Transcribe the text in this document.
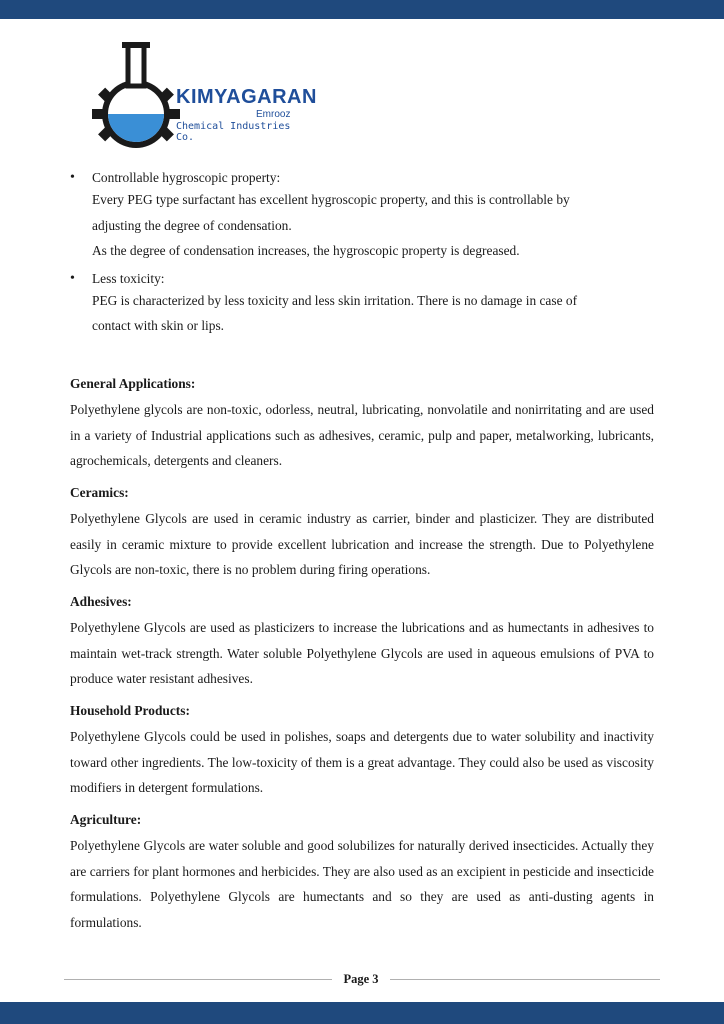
KIMYAGARAN
Emrooz
Chemical Industries Co.
• Controllable hygroscopic property:
Every PEG type surfactant has excellent hygroscopic property, and this is controllable by
adjusting the degree of condensation.
As the degree of condensation increases, the hygroscopic property is degreased.
• Less toxicity:
PEG is characterized by less toxicity and less skin irritation. There is no damage in case of
contact with skin or lips.
General Applications:
Polyethylene glycols are non-toxic, odorless, neutral, lubricating, nonvolatile and nonirritating and are used in a variety of Industrial applications such as adhesives, ceramic, pulp and paper, metalworking, lubricants, agrochemicals, detergents and cleaners.
Ceramics:
Polyethylene Glycols are used in ceramic industry as carrier, binder and plasticizer. They are distributed easily in ceramic mixture to provide excellent lubrication and increase the strength. Due to Polyethylene Glycols are non-toxic, there is no problem during firing operations.
Adhesives:
Polyethylene Glycols are used as plasticizers to increase the lubrications and as humectants in adhesives to maintain wet-track strength. Water soluble Polyethylene Glycols are used in aqueous emulsions of PVA to produce water resistant adhesives.
Household Products:
Polyethylene Glycols could be used in polishes, soaps and detergents due to water solubility and inactivity toward other ingredients. The low-toxicity of them is a great advantage. They could also be used as viscosity modifiers in detergent formulations.
Agriculture:
Polyethylene Glycols are water soluble and good solubilizes for naturally derived insecticides. Actually they are carriers for plant hormones and herbicides. They are also used as an excipient in pesticide and insecticide formulations. Polyethylene Glycols are humectants and so they are used as anti-dusting agents in formulations.
Page 3
